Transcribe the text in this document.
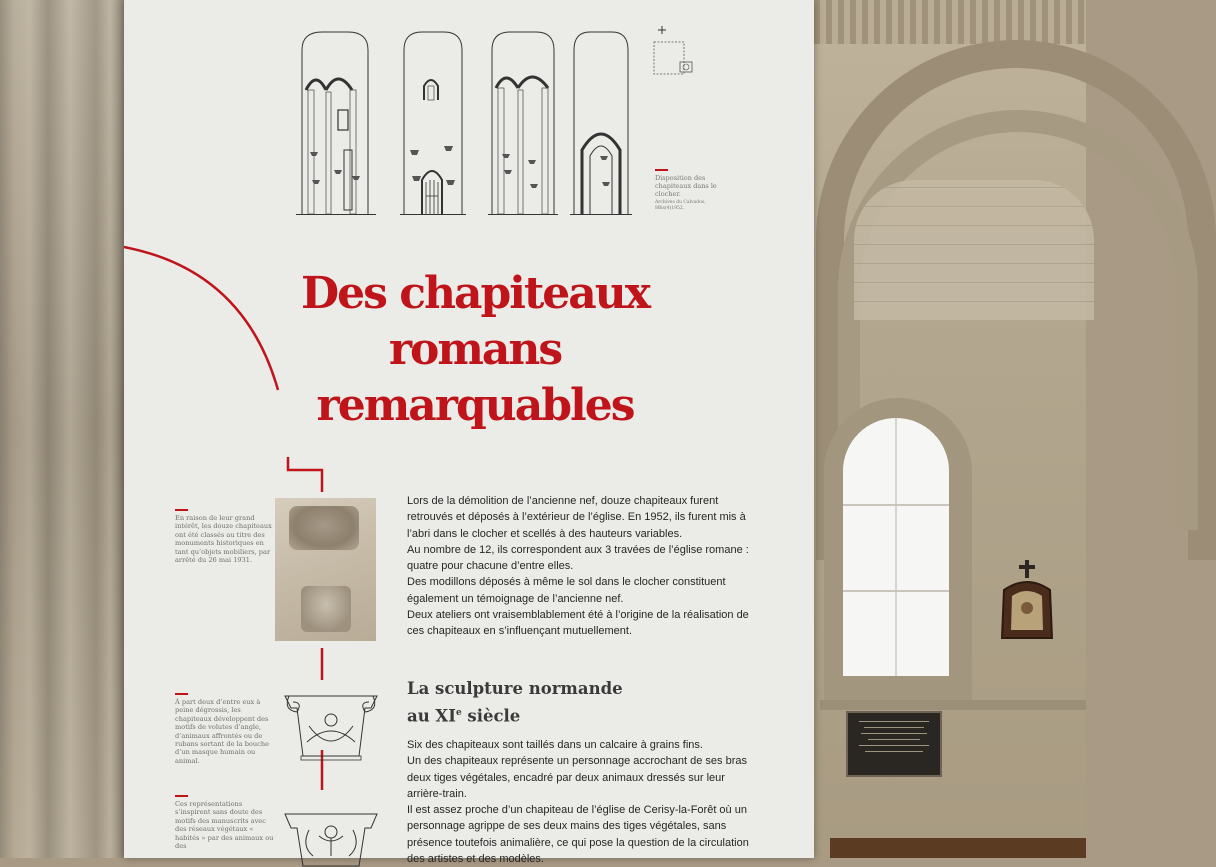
Disposition des chapiteaux dans le clocher.
Archives du Calvados, 8Bis(4)1952.
Des chapiteaux
romans
remarquables
En raison de leur grand intérêt, les douze chapiteaux ont été classés au titre des monuments historiques en tant qu’objets mobiliers, par arrêté du 26 mai 1931.

Lors de la démolition de l’ancienne nef, douze chapiteaux furent retrouvés et déposés à l’extérieur de l’église. En 1952, ils furent mis à l’abri dans le clocher et scellés à des hauteurs variables.

Au nombre de 12, ils correspondent aux 3 travées de l’église romane : quatre pour chacune d’entre elles.

Des modillons déposés à même le sol dans le clocher constituent également un témoignage de l’ancienne nef.

Deux ateliers ont vraisemblablement été à l’origine de la réalisation de ces chapiteaux en s’influençant mutuellement.

La sculpture normande
au XIe siècle
À part deux d’entre eux à peine dégrossis, les chapiteaux développent des motifs de volutes d’angle, d’animaux affrontés ou de rubans sortant de la bouche d’un masque humain ou animal.
Ces représentations s’inspirent sans doute des motifs des manuscrits avec des réseaux végétaux « habités » par des animaux ou des

Six des chapiteaux sont taillés dans un calcaire à grains fins.

Un des chapiteaux représente un personnage accrochant de ses bras deux tiges végétales, encadré par deux animaux dressés sur leur arrière-train.

Il est assez proche d’un chapiteau de l’église de Cerisy-la-Forêt où un personnage agrippe de ses deux mains des tiges végétales, sans présence toutefois animalière, ce qui pose la question de la circulation des artistes et des modèles.
